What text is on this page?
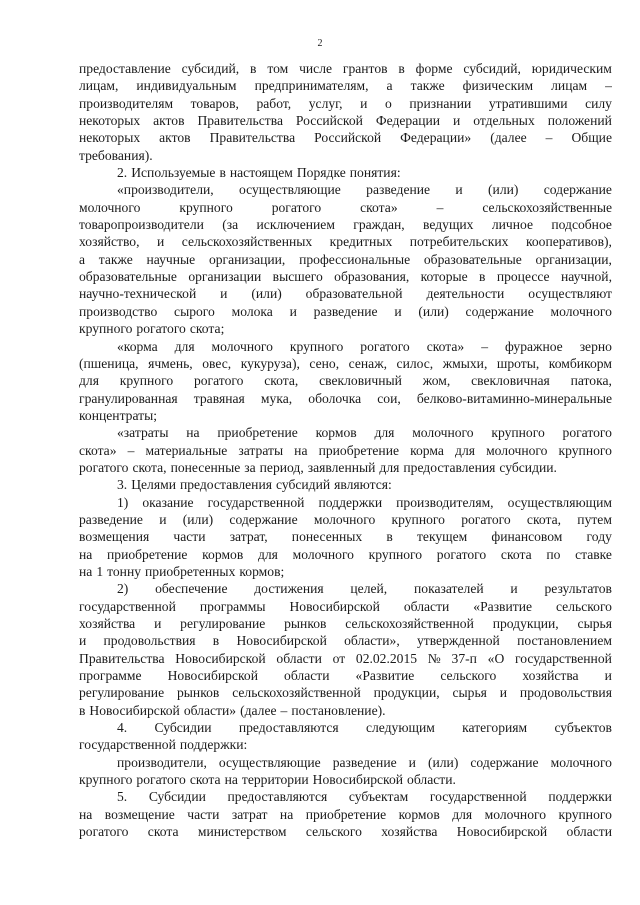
2
предоставление субсидий, в том числе грантов в форме субсидий, юридическим
лицам, индивидуальным предпринимателям, а также физическим лицам –
производителям товаров, работ, услуг, и о признании утратившими силу
некоторых актов Правительства Российской Федерации и отдельных положений
некоторых актов Правительства Российской Федерации» (далее – Общие
требования).
2. Используемые в настоящем Порядке понятия:
«производители, осуществляющие разведение и (или) содержание
молочного	крупного	рогатого	скота»	–	сельскохозяйственные
товаропроизводители (за исключением граждан, ведущих личное подсобное
хозяйство, и сельскохозяйственных кредитных потребительских кооперативов),
а также научные организации, профессиональные образовательные организации,
образовательные организации высшего образования, которые в процессе научной,
научно-технической и (или) образовательной деятельности осуществляют
производство сырого молока и разведение и (или) содержание молочного
крупного рогатого скота;
«корма для молочного крупного рогатого скота» – фуражное зерно
(пшеница, ячмень, овес, кукуруза), сено, сенаж, силос, жмыхи, шроты, комбикорм
для крупного рогатого скота, свекловичный жом, свекловичная патока,
гранулированная травяная мука, оболочка сои, белково-витаминно-минеральные
концентраты;
«затраты на приобретение кормов для молочного крупного рогатого
скота» – материальные затраты на приобретение корма для молочного крупного
рогатого скота, понесенные за период, заявленный для предоставления субсидии.
3. Целями предоставления субсидий являются:
1) оказание государственной поддержки производителям, осуществляющим
разведение и (или) содержание молочного крупного рогатого скота, путем
возмещения части затрат, понесенных в текущем финансовом году
на приобретение кормов для молочного крупного рогатого скота по ставке
на 1 тонну приобретенных кормов;
2) обеспечение достижения целей, показателей и результатов
государственной программы Новосибирской области «Развитие сельского
хозяйства и регулирование рынков сельскохозяйственной продукции, сырья
и продовольствия в Новосибирской области», утвержденной постановлением
Правительства Новосибирской области от 02.02.2015 № 37-п «О государственной
программе Новосибирской области «Развитие сельского хозяйства и
регулирование рынков сельскохозяйственной продукции, сырья и продовольствия
в Новосибирской области» (далее – постановление).
4. Субсидии предоставляются следующим категориям субъектов
государственной поддержки:
производители, осуществляющие разведение и (или) содержание молочного
крупного рогатого скота на территории Новосибирской области.
5. Субсидии предоставляются субъектам государственной поддержки
на возмещение части затрат на приобретение кормов для молочного крупного
рогатого скота министерством сельского хозяйства Новосибирской области
